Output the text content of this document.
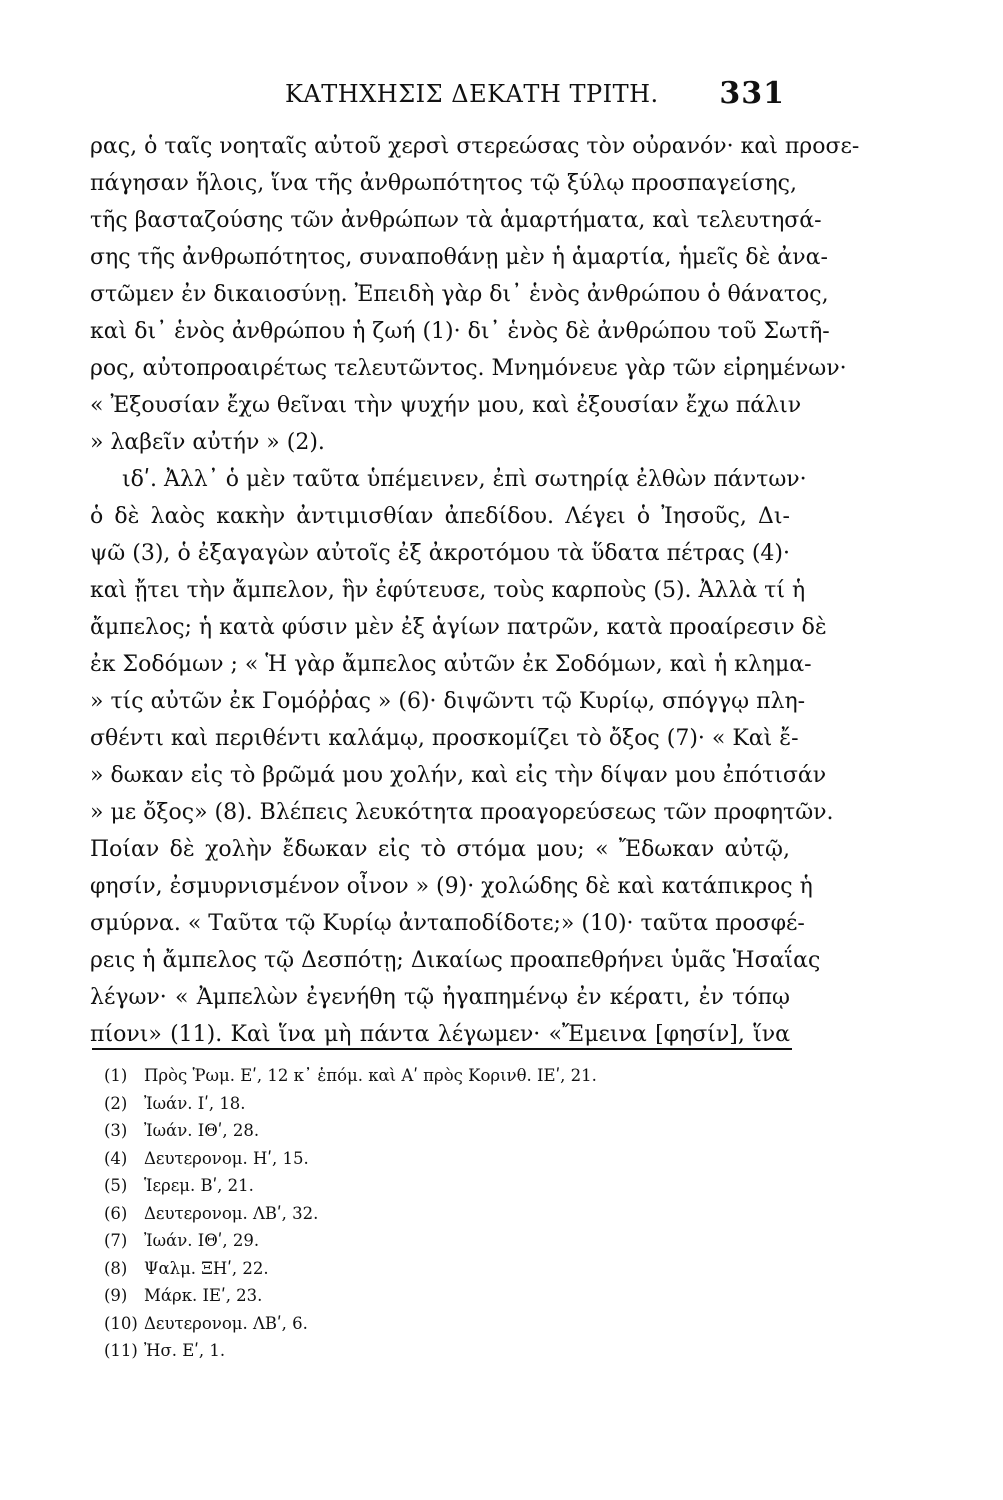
ΚΑΤΗΧΗΣΙΣ ΔΕΚΑΤΗ ΤΡΙΤΗ. 331
ρας, ὁ ταῖς νοηταῖς αὐτοῦ χερσὶ στερεώσας τὸν οὐρανόν· καὶ προσε-
πάγησαν ἥλοις, ἵνα τῆς ἀνθρωπότητος τῷ ξύλῳ προσπαγείσης,
τῆς βασταζούσης τῶν ἀνθρώπων τὰ ἁμαρτήματα, καὶ τελευτησά-
σης τῆς ἀνθρωπότητος, συναποθάνῃ μὲν ἡ ἁμαρτία, ἡμεῖς δὲ ἀνα-
στῶμεν ἐν δικαιοσύνῃ. Ἐπειδὴ γὰρ δι᾿ ἑνὸς ἀνθρώπου ὁ θάνατος,
καὶ δι᾿ ἑνὸς ἀνθρώπου ἡ ζωή (1)· δι᾿ ἑνὸς δὲ ἀνθρώπου τοῦ Σωτῆ-
ρος, αὐτοπροαιρέτως τελευτῶντος. Μνημόνευε γὰρ τῶν εἰρημένων·
« Ἐξουσίαν ἔχω θεῖναι τὴν ψυχήν μου, καὶ ἐξουσίαν ἔχω πάλιν
» λαβεῖν αὐτήν » (2).
ιδʹ. Ἀλλ᾿ ὁ μὲν ταῦτα ὑπέμεινεν, ἐπὶ σωτηρίᾳ ἐλθὼν πάντων·
ὁ δὲ λαὸς κακὴν ἀντιμισθίαν ἀπεδίδου. Λέγει ὁ Ἰησοῦς, Δι-
ψῶ (3), ὁ ἐξαγαγὼν αὐτοῖς ἐξ ἀκροτόμου τὰ ὕδατα πέτρας (4)·
καὶ ᾔτει τὴν ἄμπελον, ἣν ἐφύτευσε, τοὺς καρποὺς (5). Ἀλλὰ τί ἡ
ἄμπελος; ἡ κατὰ φύσιν μὲν ἐξ ἁγίων πατρῶν, κατὰ προαίρεσιν δὲ
ἐκ Σοδόμων ; « Ἡ γὰρ ἄμπελος αὐτῶν ἐκ Σοδόμων, καὶ ἡ κλημα-
» τίς αὐτῶν ἐκ Γομόῤῥας » (6)· διψῶντι τῷ Κυρίῳ, σπόγγῳ πλη-
σθέντι καὶ περιθέντι καλάμῳ, προσκομίζει τὸ ὄξος (7)· « Καὶ ἔ-
» δωκαν εἰς τὸ βρῶμά μου χολήν, καὶ εἰς τὴν δίψαν μου ἐπότισάν
» με ὄξος» (8). Βλέπεις λευκότητα προαγορεύσεως τῶν προφητῶν.
Ποίαν δὲ χολὴν ἔδωκαν εἰς τὸ στόμα μου; « Ἔδωκαν αὐτῷ,
φησίν, ἐσμυρνισμένον οἶνον » (9)· χολώδης δὲ καὶ κατάπικρος ἡ
σμύρνα. « Ταῦτα τῷ Κυρίῳ ἀνταποδίδοτε;» (10)· ταῦτα προσφέ-
ρεις ἡ ἄμπελος τῷ Δεσπότῃ; Δικαίως προαπεθρήνει ὑμᾶς Ἡσαΐας
λέγων· « Ἀμπελὼν ἐγενήθη τῷ ἠγαπημένῳ ἐν κέρατι, ἐν τόπῳ
πίονι» (11). Καὶ ἵνα μὴ πάντα λέγωμεν· «Ἔμεινα [φησίν], ἵνα
(1) Πρὸς Ῥωμ. Εʹ, 12 κ᾿ ἑπόμ. καὶ Αʹ πρὸς Κορινθ. ΙΕʹ, 21.
(2) Ἰωάν. Ιʹ, 18.
(3) Ἰωάν. ΙΘʹ, 28.
(4) Δευτερονομ. Ηʹ, 15.
(5) Ἱερεμ. Βʹ, 21.
(6) Δευτερονομ. ΛΒʹ, 32.
(7) Ἰωάν. ΙΘʹ, 29.
(8) Ψαλμ. ΞΗʹ, 22.
(9) Μάρκ. ΙΕʹ, 23.
(10) Δευτερονομ. ΛΒʹ, 6.
(11) Ἠσ. Εʹ, 1.
